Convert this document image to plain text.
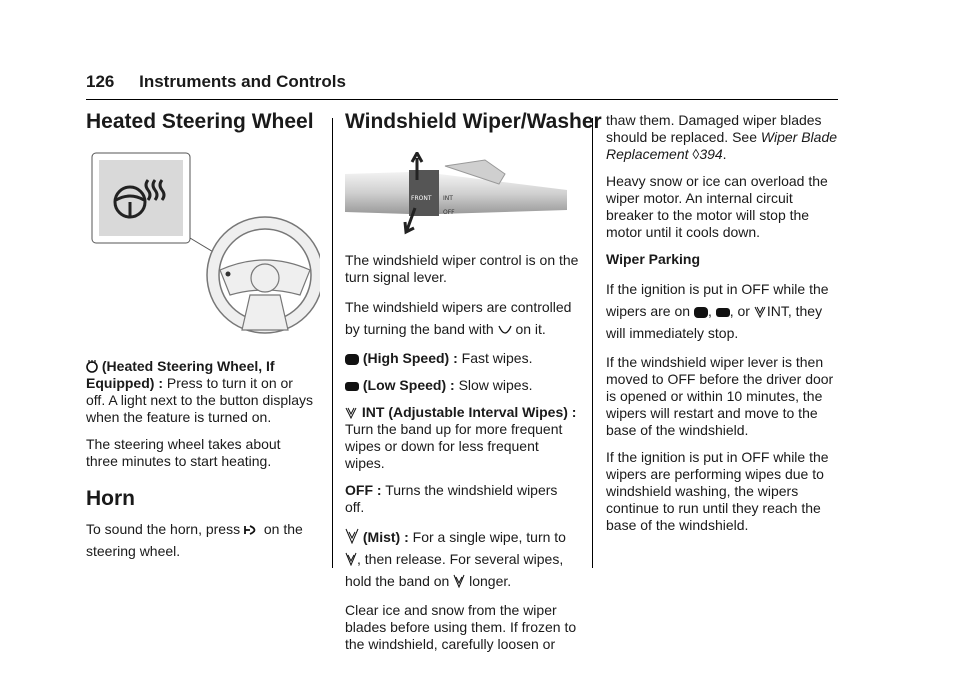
126 Instruments and Controls
Heated Steering Wheel

(Heated Steering Wheel, If Equipped) : Press to turn it on or off. A light next to the button displays when the feature is turned on.

The steering wheel takes about three minutes to start heating.

Horn
To sound the horn, press on the steering wheel.
Windshield Wiper/Washer
FRONT INT
OFF

The windshield wiper control is on the turn signal lever.

The windshield wipers are controlled by turning the band with on it.

(High Speed) : Fast wipes.

(Low Speed) : Slow wipes.

INT (Adjustable Interval Wipes) : Turn the band up for more frequent wipes or down for less frequent wipes.

OFF : Turns the windshield wipers off.

(Mist) : For a single wipe, turn to , then release. For several wipes, hold the band on longer.

Clear ice and snow from the wiper blades before using them. If frozen to the windshield, carefully loosen or

thaw them. Damaged wiper blades should be replaced. See Wiper Blade Replacement ◊394.

Heavy snow or ice can overload the wiper motor. An internal circuit breaker to the motor will stop the motor until it cools down.

Wiper Parking

If the ignition is put in OFF while the wipers are on , , or INT, they will immediately stop.

If the windshield wiper lever is then moved to OFF before the driver door is opened or within 10 minutes, the wipers will restart and move to the base of the windshield.

If the ignition is put in OFF while the wipers are performing wipes due to windshield washing, the wipers continue to run until they reach the base of the windshield.
